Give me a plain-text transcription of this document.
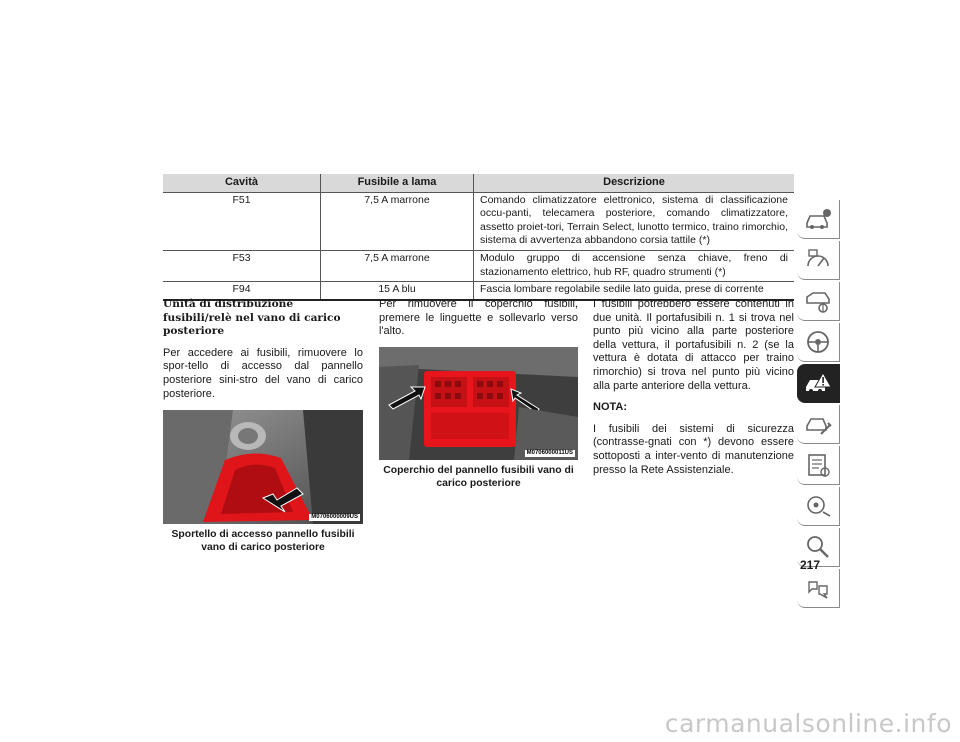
Cavità	Fusibile a lama	Descrizione
F51	7,5 A marrone	Comando climatizzatore elettronico, sistema di classificazione occu-panti, telecamera posteriore, comando climatizzatore, assetto proiet-tori, Terrain Select, lunotto termico, traino rimorchio, sistema di avvertenza abbandono corsia tattile (*)
F53	7,5 A marrone	Modulo gruppo di accensione senza chiave, freno di stazionamento elettrico, hub RF, quadro strumenti (*)
F94	15 A blu	Fascia lombare regolabile sedile lato guida, prese di corrente
Unità di distribuzione fusibili/relè nel vano di carico posteriore

Per accedere ai fusibili, rimuovere lo spor-tello di accesso dal pannello posteriore sini-stro del vano di carico posteriore.

M0706000009US
Sportello di accesso pannello fusibili vano di carico posteriore

Per rimuovere il coperchio fusibili, premere le linguette e sollevarlo verso l'alto.

M0706000011US
Coperchio del pannello fusibili vano di carico posteriore

I fusibili potrebbero essere contenuti in due unità. Il portafusibili n. 1 si trova nel punto più vicino alla parte posteriore della vettura, il portafusibili n. 2 (se la vettura è dotata di attacco per traino rimorchio) si trova nel punto più vicino alla parte anteriore della vettura.

NOTA:

I fusibili dei sistemi di sicurezza (contrasse-gnati con *) devono essere sottoposti a inter-vento di manutenzione presso la Rete Assistenziale.

217
carmanualsonline.info
